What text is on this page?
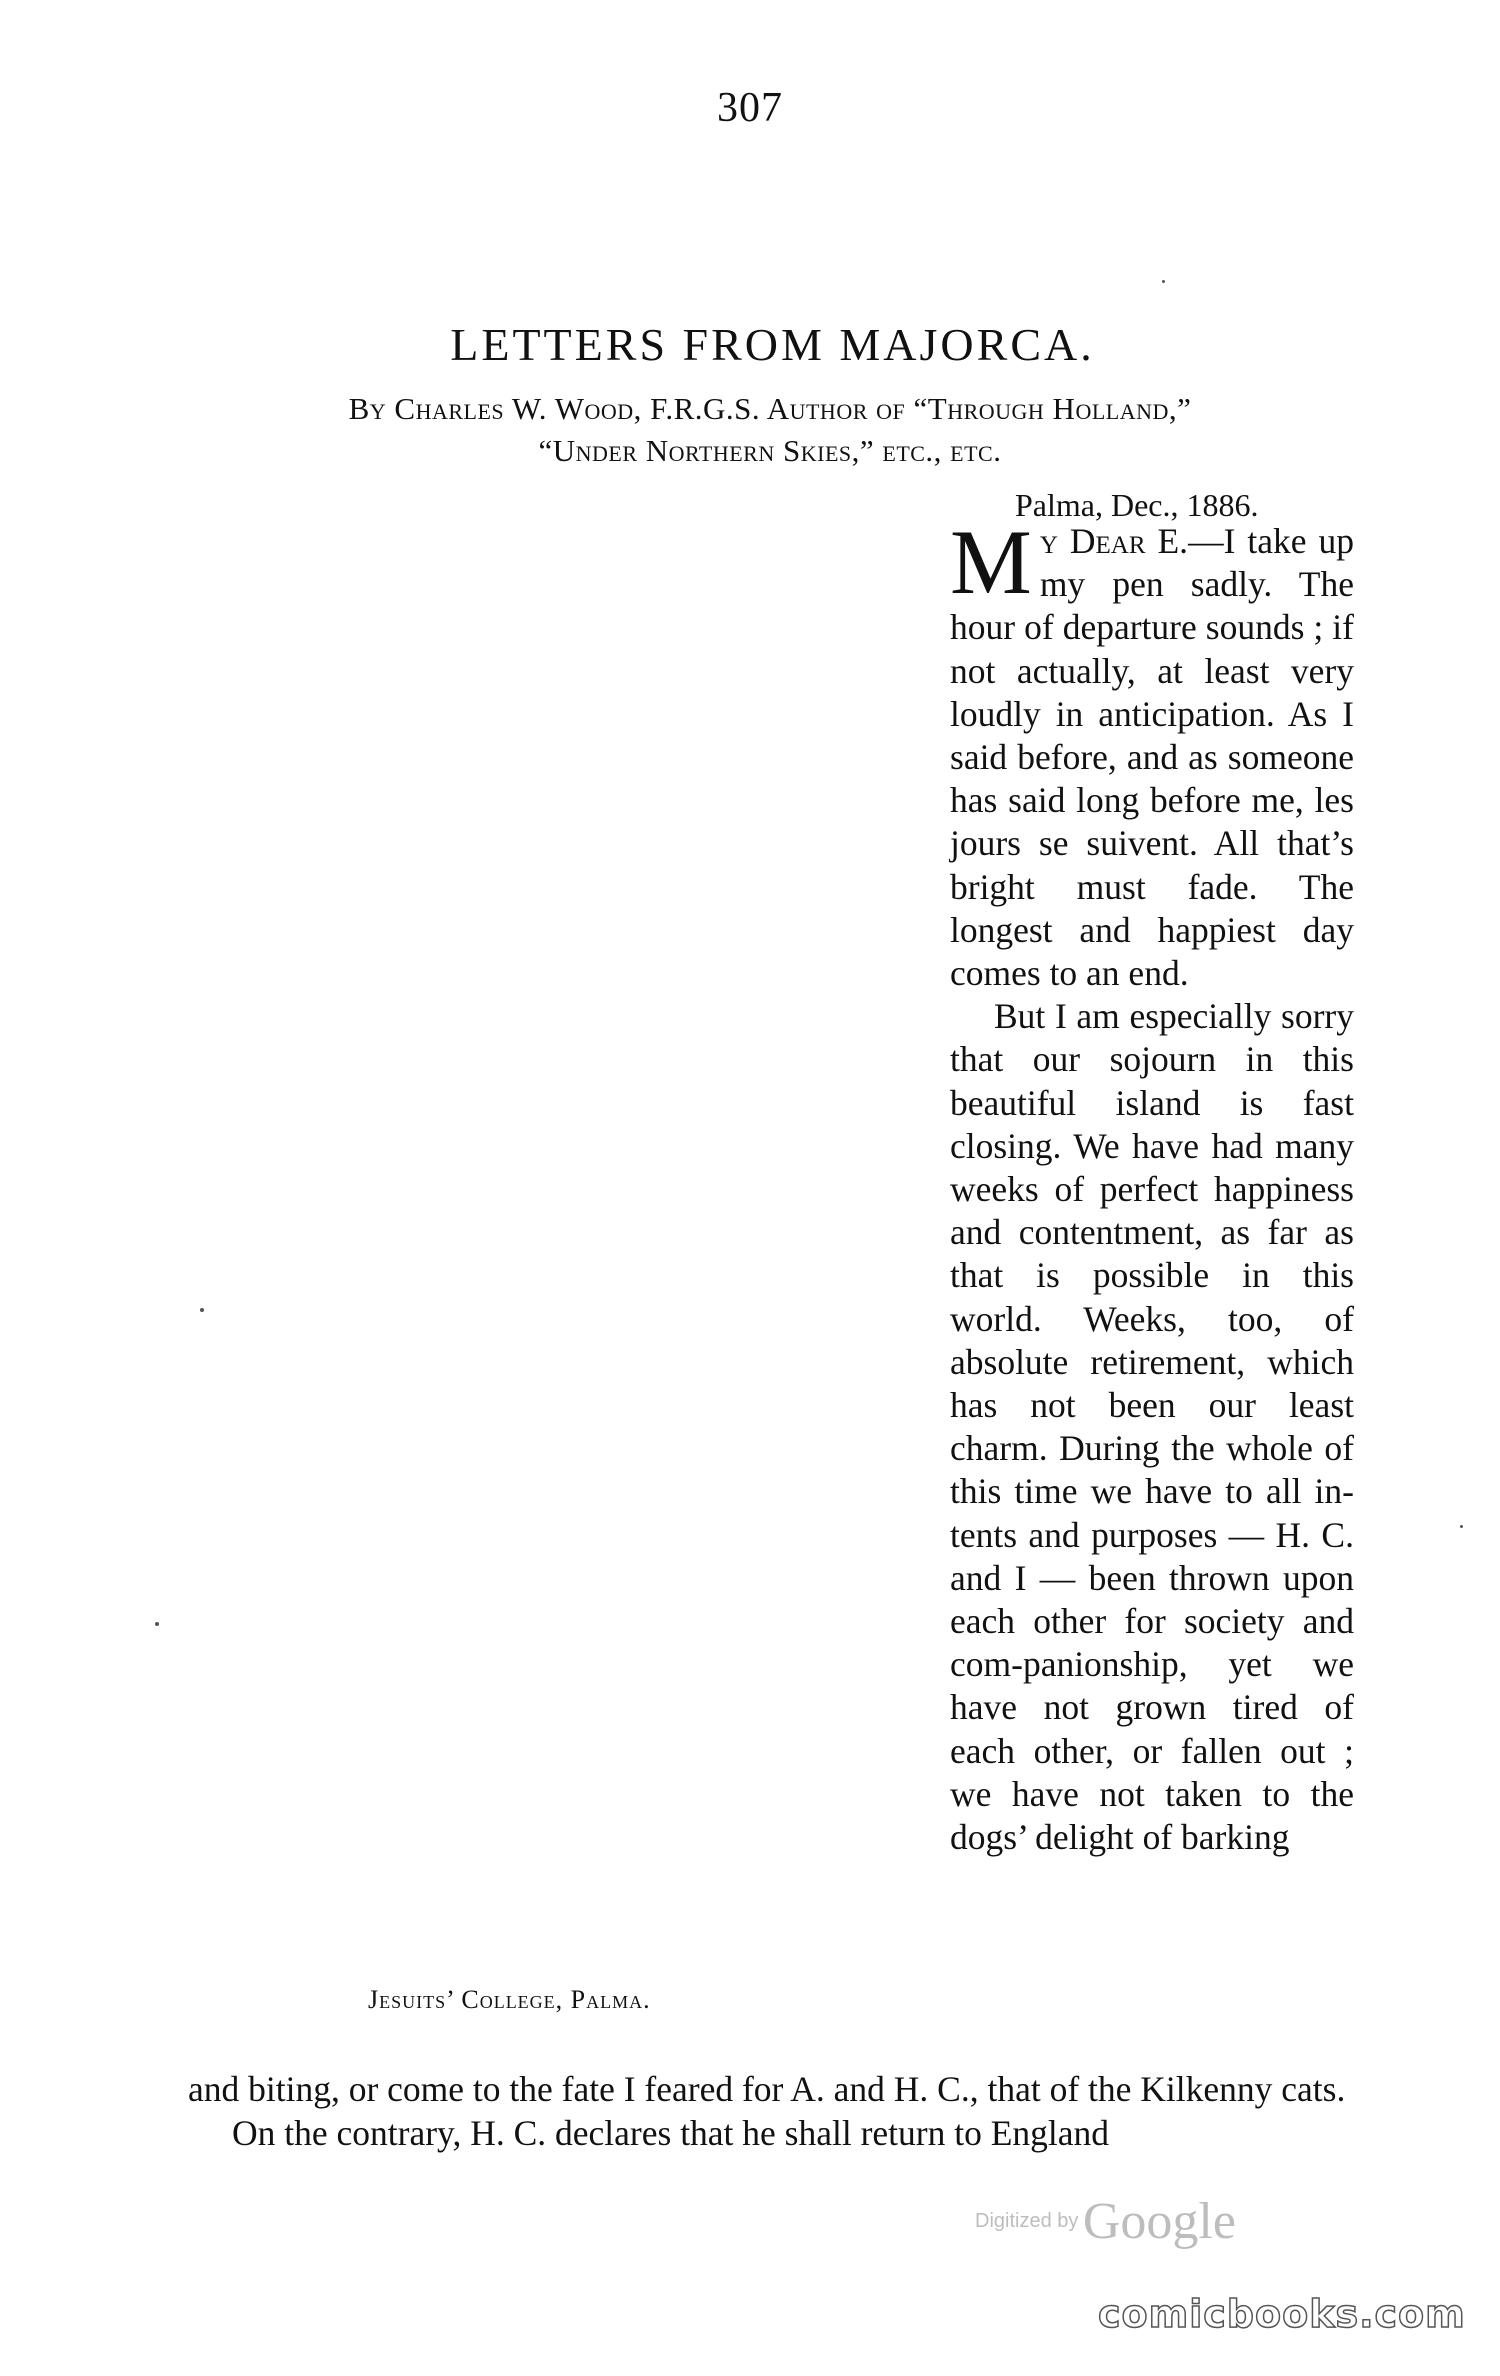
307
LETTERS FROM MAJORCA.
By Charles W. Wood, F.R.G.S. Author of “Through Holland,”
“Under Northern Skies,” etc., etc.
Palma, Dec., 1886.

My Dear E.—I take up my pen sadly. The hour of departure sounds ; if not actually, at least very loudly in anticipation. As I said before, and as someone has said long before me, les jours se suivent. All that’s bright must fade. The longest and happiest day comes to an end.

But I am especially sorry that our sojourn in this beautiful island is fast closing. We have had many weeks of perfect happiness and contentment, as far as that is possible in this world. Weeks, too, of absolute retirement, which has not been our least charm. During the whole of this time we have to all in-tents and purposes — H. C. and I — been thrown upon each other for society and com-panionship, yet we have not grown tired of each other, or fallen out ; we have not taken to the dogs’ delight of barking

Jesuits’ College, Palma.

and biting, or come to the fate I feared for A. and H. C., that of the Kilkenny cats.

On the contrary, H. C. declares that he shall return to England

Digitized by Google
comicbooks.com
